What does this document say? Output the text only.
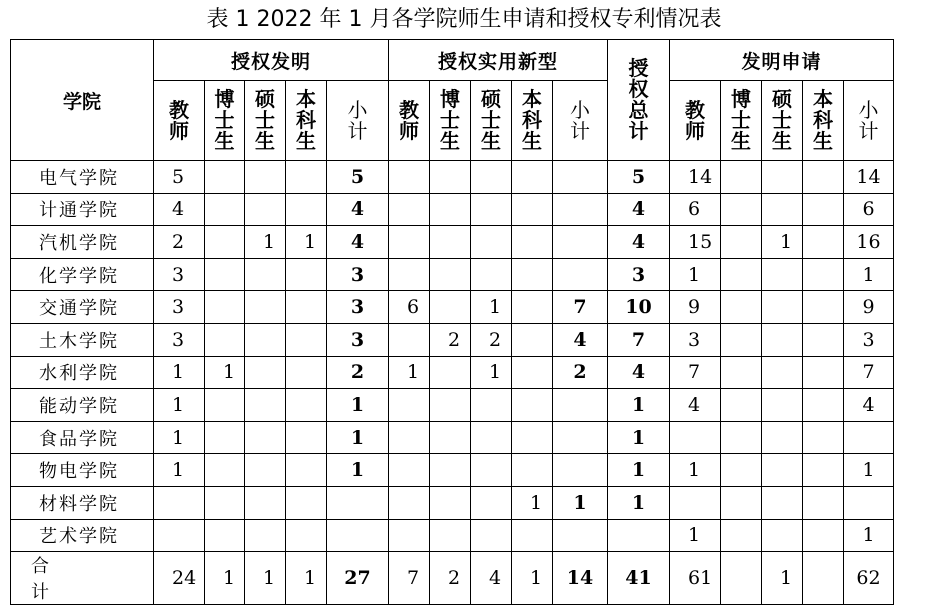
表 1 2022 年 1 月各学院师生申请和授权专利情况表
学院	授权发明					授权实用新型					授权总计	发明申请				
	教师	博士生	硕士生	本科生	小计	教师	博士生	硕士生	本科生	小计		教师	博士生	硕士生	本科生	小计
电气学院	5				5						5	14				14
计通学院	4				4						4	6				6
汽机学院	2		1	1	4						4	15		1		16
化学学院	3				3						3	1				1
交通学院	3				3	6		1		7	10	9				9
土木学院	3				3		2	2		4	7	3				3
水利学院	1	1			2	1		1		2	4	7				7
能动学院	1				1						1	4				4
食品学院	1				1						1					
物电学院	1				1						1	1				1
材料学院									1	1	1					
艺术学院												1				1
合 计	24	1	1	1	27	7	2	4	1	14	41	61		1		62
